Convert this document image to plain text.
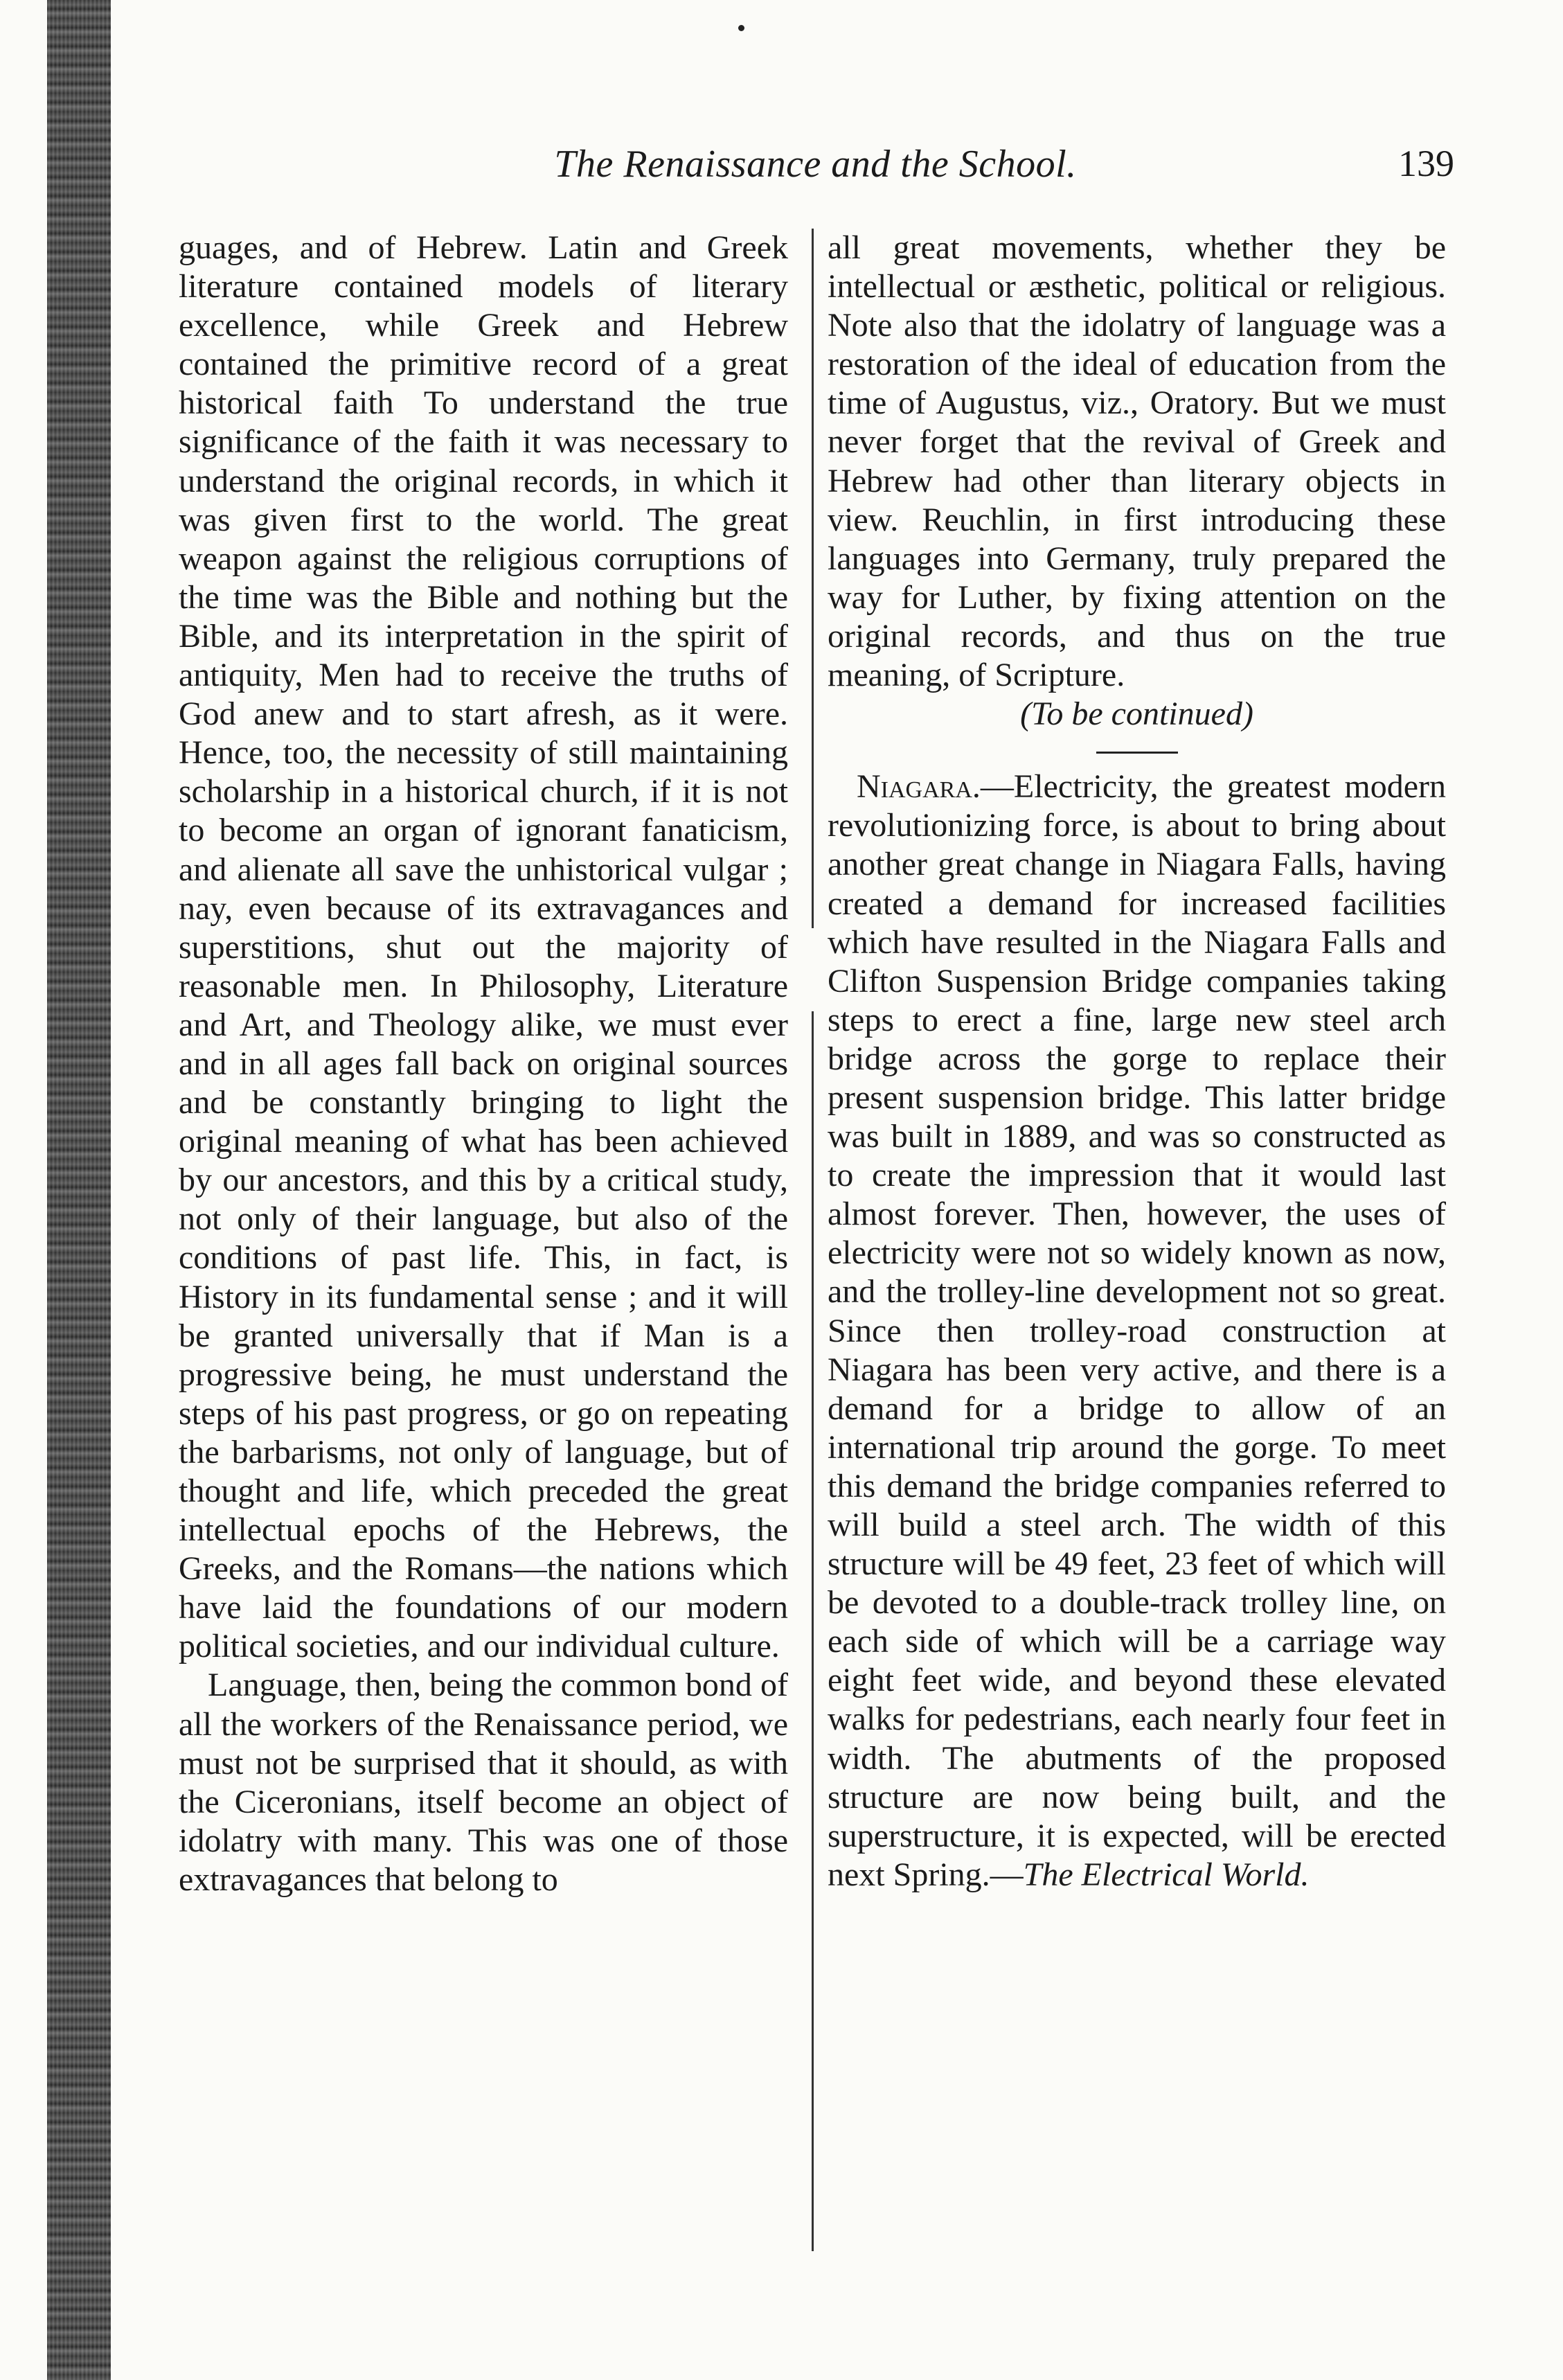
The Renaissance and the School.	139

guages, and of Hebrew. Latin and Greek literature contained models of literary excellence, while Greek and Hebrew contained the primitive record of a great historical faith To understand the true significance of the faith it was necessary to understand the original records, in which it was given first to the world. The great weapon against the religious corruptions of the time was the Bible and nothing but the Bible, and its interpretation in the spirit of antiquity, Men had to receive the truths of God anew and to start afresh, as it were. Hence, too, the necessity of still maintaining scholarship in a historical church, if it is not to become an organ of ignorant fanaticism, and alienate all save the unhistorical vulgar ; nay, even because of its extravagances and superstitions, shut out the majority of reasonable men. In Philosophy, Literature and Art, and Theology alike, we must ever and in all ages fall back on original sources and be constantly bringing to light the original meaning of what has been achieved by our ancestors, and this by a critical study, not only of their language, but also of the conditions of past life. This, in fact, is History in its fundamental sense ; and it will be granted universally that if Man is a progressive being, he must understand the steps of his past progress, or go on repeating the barbarisms, not only of language, but of thought and life, which preceded the great intellectual epochs of the Hebrews, the Greeks, and the Romans—the nations which have laid the foundations of our modern political societies, and our individual culture.

Language, then, being the common bond of all the workers of the Renaissance period, we must not be surprised that it should, as with the Ciceronians, itself become an object of idolatry with many. This was one of those extravagances that belong to

all great movements, whether they be intellectual or æsthetic, political or religious. Note also that the idolatry of language was a restoration of the ideal of education from the time of Augustus, viz., Oratory. But we must never forget that the revival of Greek and Hebrew had other than literary objects in view. Reuchlin, in first introducing these languages into Germany, truly prepared the way for Luther, by fixing attention on the original records, and thus on the true meaning, of Scripture.

(To be continued)

Niagara.—Electricity, the greatest modern revolutionizing force, is about to bring about another great change in Niagara Falls, having created a demand for increased facilities which have resulted in the Niagara Falls and Clifton Suspension Bridge companies taking steps to erect a fine, large new steel arch bridge across the gorge to replace their present suspension bridge. This latter bridge was built in 1889, and was so constructed as to create the impression that it would last almost forever. Then, however, the uses of electricity were not so widely known as now, and the trolley-line development not so great. Since then trolley-road construction at Niagara has been very active, and there is a demand for a bridge to allow of an international trip around the gorge. To meet this demand the bridge companies referred to will build a steel arch. The width of this structure will be 49 feet, 23 feet of which will be devoted to a double-track trolley line, on each side of which will be a carriage way eight feet wide, and beyond these elevated walks for pedestrians, each nearly four feet in width. The abutments of the proposed structure are now being built, and the superstructure, it is expected, will be erected next Spring.—The Electrical World.
